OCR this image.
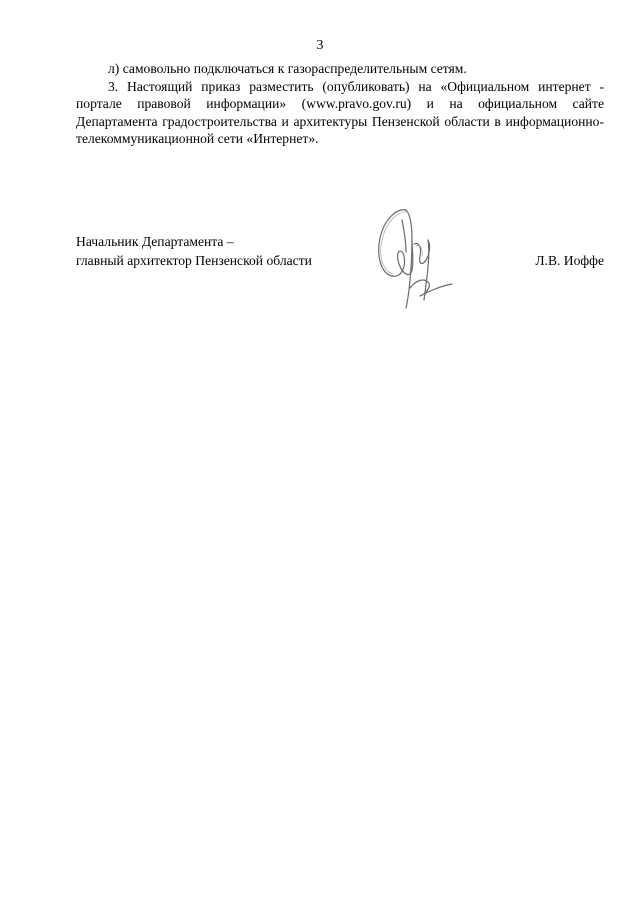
3

л) самовольно подключаться к газораспределительным сетям.

3. Настоящий приказ разместить (опубликовать) на «Официальном интернет - портале правовой информации» (www.pravo.gov.ru) и на официальном сайте Департамента градостроительства и архитектуры Пензенской области в информационно-телекоммуникационной сети «Интернет».

Начальник Департамента –
главный архитектор Пензенской области	Л.В. Иоффе
